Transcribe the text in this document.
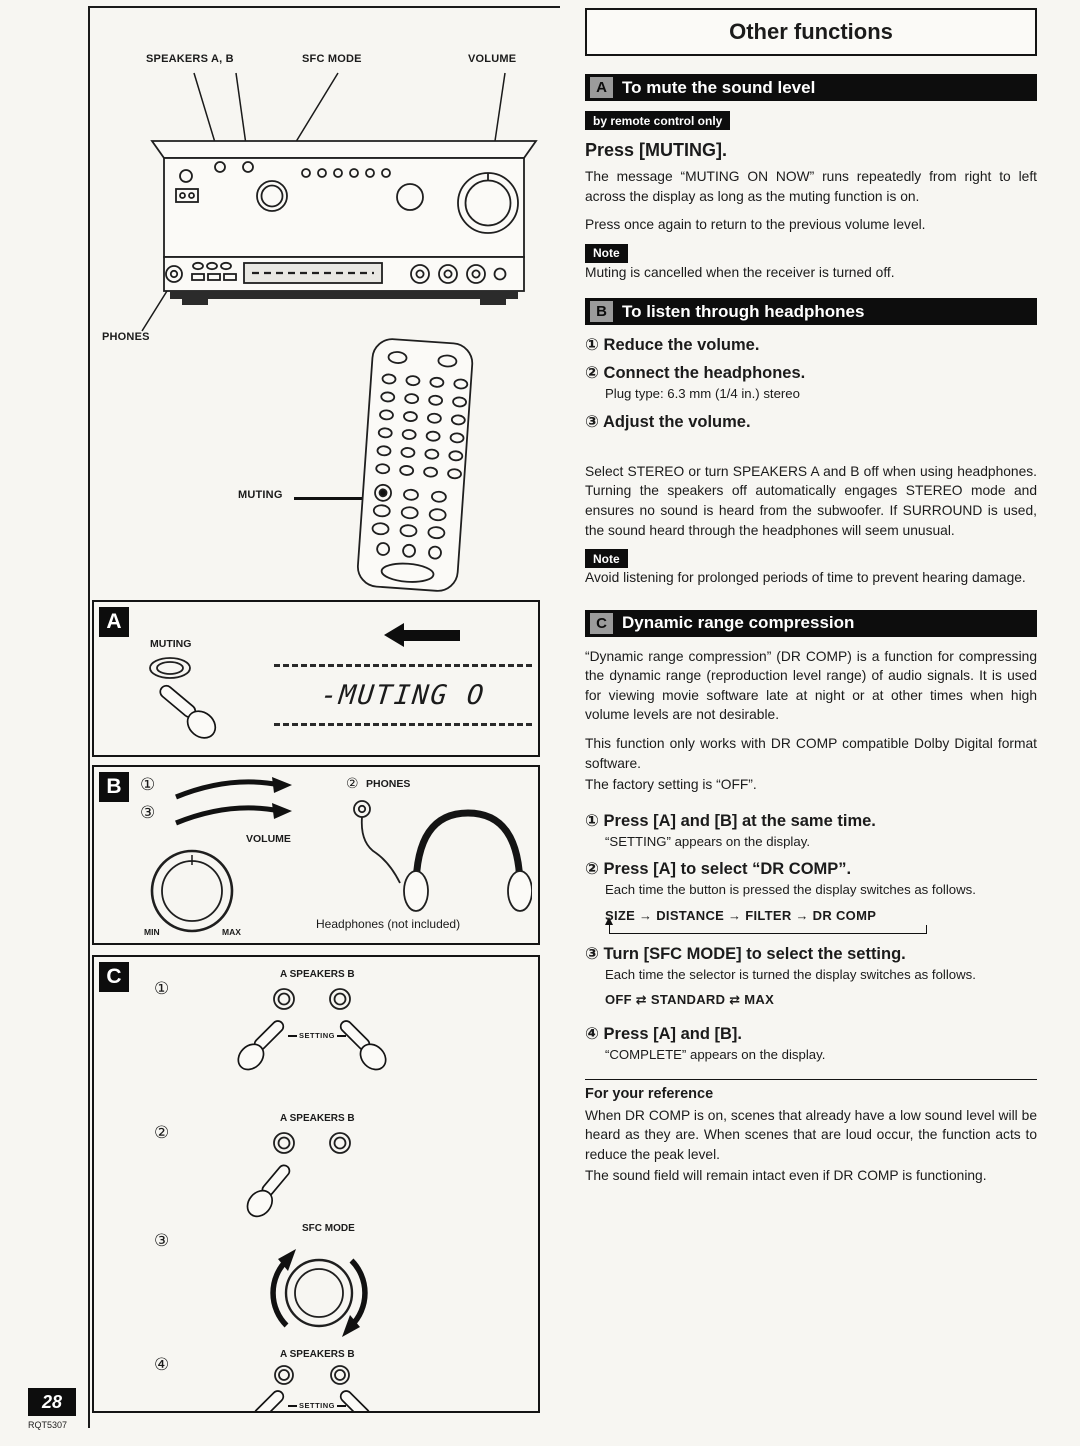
SPEAKERS A, B	SFC MODE	VOLUME
PHONES
MUTING
A
MUTING
-MUTING O
B	①
③
VOLUME
MIN	MAX
② PHONES
Headphones (not included)
C
①
A SPEAKERS B
SETTING
②
A SPEAKERS B
③
SFC MODE
④
A SPEAKERS B
SETTING
Other functions
A To mute the sound level
by remote control only
Press [MUTING].

The message “MUTING ON NOW” runs repeatedly from right to left across the display as long as the muting function is on.

Press once again to return to the previous volume level.

Note

Muting is cancelled when the receiver is turned off.

B To listen through headphones
① Reduce the volume.
② Connect the headphones.

Plug type: 6.3 mm (1/4 in.) stereo

③ Adjust the volume.

Select STEREO or turn SPEAKERS A and B off when using headphones. Turning the speakers off automatically engages STEREO mode and ensures no sound is heard from the subwoofer. If SURROUND is used, the sound heard through the headphones will seem unusual.

Note

Avoid listening for prolonged periods of time to prevent hearing damage.

C Dynamic range compression

“Dynamic range compression” (DR COMP) is a function for compressing the dynamic range (reproduction level range) of audio signals. It is used for viewing movie software late at night or at other times when high volume levels are not desirable.

This function only works with DR COMP compatible Dolby Digital format software.

The factory setting is “OFF”.

① Press [A] and [B] at the same time.

“SETTING” appears on the display.

② Press [A] to select “DR COMP”.

Each time the button is pressed the display switches as follows.

SIZE → DISTANCE → FILTER → DR COMP
③ Turn [SFC MODE] to select the setting.

Each time the selector is turned the display switches as follows.

OFF ⇄ STANDARD ⇄ MAX
④ Press [A] and [B].

“COMPLETE” appears on the display.

For your reference

When DR COMP is on, scenes that already have a low sound level will be heard as they are. When scenes that are loud occur, the function acts to reduce the peak level.

The sound field will remain intact even if DR COMP is functioning.

28
RQT5307
